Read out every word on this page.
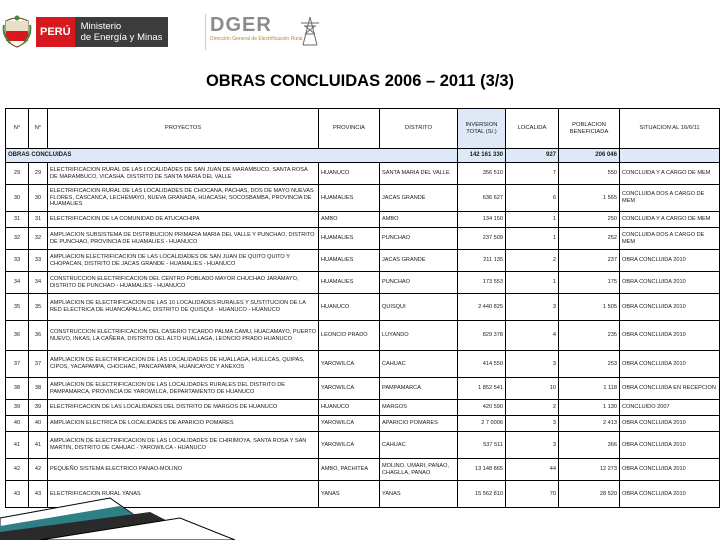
PERÚ	Ministerio
de Energía y Minas
DGER
Dirección General de Electrificación Rural
OBRAS CONCLUIDAS 2006 – 2011 (3/3)
N°	N°	PROYECTOS	PROVINCIA	DISTRITO	INVERSION TOTAL (S/.)	LOCALIDA	POBLACION BENEFICIADA	SITUACION AL 16/6/11
OBRAS CONCLUIDAS					142 161 330	927	206 046	
29	29	ELECTRIFICACION RURAL DE LAS LOCALIDADES DE SAN JUAN DE MARAMBUCO, SANTA ROSA DE MARAMBUCO, VICASHA. DISTRITO DE SANTA MARIA DEL VALLE	HUANUCO	SANTA MARIA DEL VALLE	356 510	7	550	CONCLUIDA Y A CARGO DE MEM
30	30	ELECTRIFICACION RURAL DE LAS LOCALIDADES DE CHOCANA, PACHAS, DOS DE MAYO NUEVAS FLORES, CASCANCA, LECHEMAYO, NUEVA GRANADA, HUACASH, SOCOSBAMBA, PROVINCIA DE HUAMALIES	HUAMALIES	JACAS GRANDE	636 627	6	1 565	CONCLUIDA DOS A CARGO DE MEM
31	31	ELECTRIFICACION DE LA COMUNIDAD DE ATUCACHIPA	AMBO	AMBO	134 150	1	250	CONCLUIDA Y A CARGO DE MEM
32	32	AMPLIACION SUBSISTEMA DE DISTRIBUCION PRIMARIA MARIA DEL VALLE Y PUNCHAO, DISTRITO DE PUNCHAO, PROVINCIA DE HUAMALIES - HUANUCO	HUAMALIES	PUNCHAO	237 509	1	252	CONCLUIDA DOS A CARGO DE MEM
33	33	AMPLIACION ELECTRIFICACION DE LAS LOCALIDADES DE SAN JUAN DE QUITO QUITO Y CHOPACAN, DISTRITO DE JACAS GRANDE - HUAMALIES - HUANUCO	HUAMALIES	JACAS GRANDE	211 135	2	237	OBRA CONCLUIDA 2010
34	34	CONSTRUCCION ELECTRIFICACION DEL CENTRO POBLADO MAYOR CHUCHAO JARAMAYO, DISTRITO DE PUNCHAO - HUAMALIES - HUANUCO	HUAMALIES	PUNCHAO	173 553	1	175	OBRA CONCLUIDA 2010
35	35	AMPLIACION DE ELECTRIFICACION DE LAS 10 LOCALIDADES RURALES Y SUSTITUCION DE LA RED ELECTRICA DE HUANCAPALLAC, DISTRITO DE QUISQUI - HUANUCO - HUANUCO	HUANUCO	QUISQUI	2 440 825	3	1 505	OBRA CONCLUIDA 2010
36	36	CONSTRUCCION ELECTRIFICACION DEL CASERIO TICARDO PALMA CAMU, HUACAMAYO, PUERTO NUEVO, INKAS, LA CAÑERA, DISTRITO DEL ALTO HUALLAGA, LEONCIO PRADO HUANUCO	LEONCIO PRADO	LUYANDO	829 378	4	235	OBRA CONCLUIDA 2010
37	37	AMPLIACION DE ELECTRIFICACION DE LAS LOCALIDADES DE HUALLAGA, HUILLCAS, QUIPAS, CIPOS, YACAPAMPA, CHOCHAC, PANCAPAMPA, HUANCAYOC Y ANEXOS	YAROWILCA	CAHUAC	414 550	3	253	OBRA CONCLUIDA 2010
38	38	AMPLIACION DE ELECTRIFICACION DE LAS LOCALIDADES RURALES DEL DISTRITO DE PAMPAMARCA, PROVINCIA DE YAROWILCA, DEPARTAMENTO DE HUANUCO	YAROWILCA	PAMPAMARCA	1 852 541	10	1 118	OBRA CONCLUIDA EN RECEPCION
39	39	ELECTRIFICACION DE LAS LOCALIDADES DEL DISTRITO DE MARGOS DE HUANUCO	HUANUCO	MARGOS	420 590	2	1 130	CONCLUIDO 2007
40	40	AMPLIACION ELECTRICA DE LOCALIDADES DE APARICIO POMARES	YAROWILCA	APARICIO POMARES	2 7 0006	3	2 413	OBRA CONCLUIDA 2010
41	41	AMPLIACION DE ELECTRIFICACION DE LAS LOCALIDADES DE CHIRIMOYA, SANTA ROSA Y SAN MARTIN, DISTRITO DE CAHUAC - YAROWILCA - HUANUCO	YAROWILCA	CAHUAC	537 511	3	366	OBRA CONCLUIDA 2010
42	42	PEQUEÑO SISTEMA ELECTRICO PANAO-MOLINO	AMBO, PACHITEA	MOLINO, UMARI, PANAO, CHAGLLA, PANAO	13 148 865	44	12 273	OBRA CONCLUIDA 2010
43	43	ELECTRIFICACION RURAL YANAS	YANAS	YANAS	15 562 810	70	28 520	OBRA CONCLUIDA 2010
